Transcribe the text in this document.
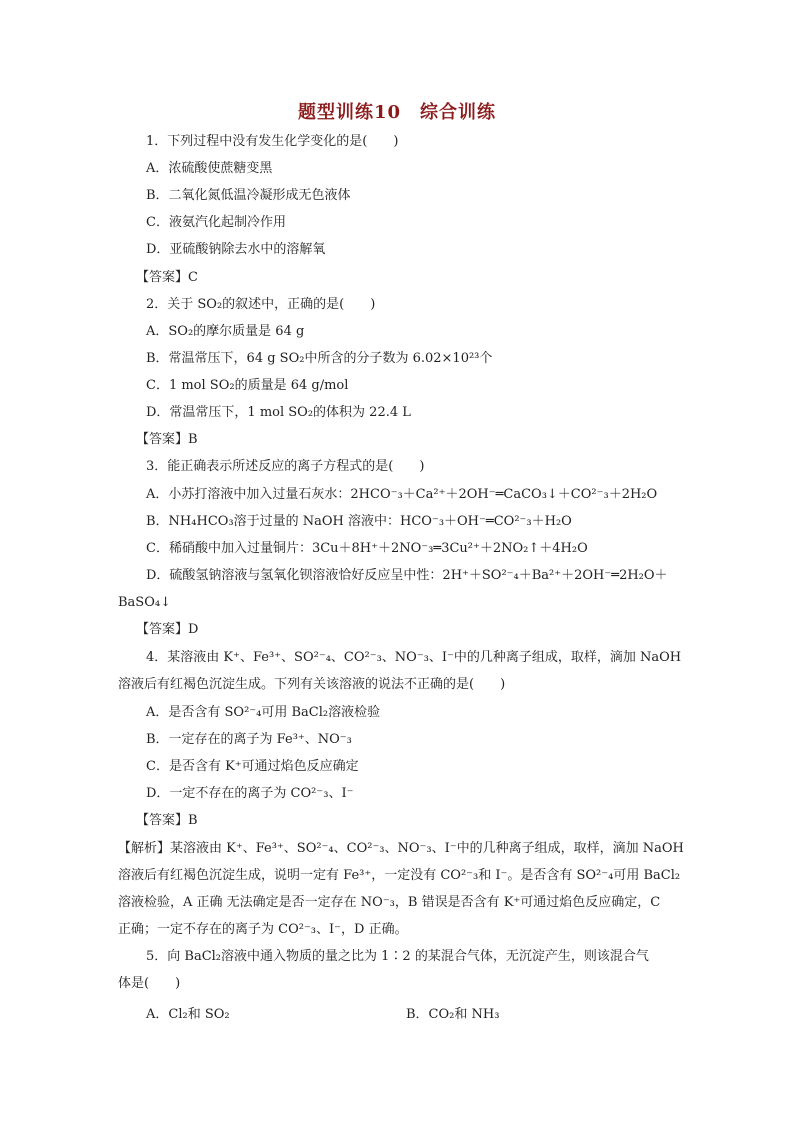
题型训练10　综合训练
1．下列过程中没有发生化学变化的是(　　)
A．浓硫酸使蔗糖变黑
B．二氧化氮低温冷凝形成无色液体
C．液氨汽化起制冷作用
D．亚硫酸钠除去水中的溶解氧
【答案】C
2．关于 SO₂的叙述中，正确的是(　　)
A．SO₂的摩尔质量是 64 g
B．常温常压下，64 g SO₂中所含的分子数为 6.02×10²³个
C．1 mol SO₂的质量是 64 g/mol
D．常温常压下，1 mol SO₂的体积为 22.4 L
【答案】B
3．能正确表示所述反应的离子方程式的是(　　)
A．小苏打溶液中加入过量石灰水：2HCO⁻₃＋Ca²⁺＋2OH⁻═CaCO₃↓＋CO²⁻₃＋2H₂O
B．NH₄HCO₃溶于过量的 NaOH 溶液中：HCO⁻₃＋OH⁻═CO²⁻₃＋H₂O
C．稀硝酸中加入过量铜片：3Cu＋8H⁺＋2NO⁻₃═3Cu²⁺＋2NO₂↑＋4H₂O
D．硫酸氢钠溶液与氢氧化钡溶液恰好反应呈中性：2H⁺＋SO²⁻₄＋Ba²⁺＋2OH⁻═2H₂O＋
BaSO₄↓
【答案】D
4．某溶液由 K⁺、Fe³⁺、SO²⁻₄、CO²⁻₃、NO⁻₃、I⁻中的几种离子组成，取样，滴加 NaOH
溶液后有红褐色沉淀生成。下列有关该溶液的说法不正确的是(　　)
A．是否含有 SO²⁻₄可用 BaCl₂溶液检验
B．一定存在的离子为 Fe³⁺、NO⁻₃
C．是否含有 K⁺可通过焰色反应确定
D．一定不存在的离子为 CO²⁻₃、I⁻
【答案】B
【解析】某溶液由 K⁺、Fe³⁺、SO²⁻₄、CO²⁻₃、NO⁻₃、I⁻中的几种离子组成，取样，滴加 NaOH
溶液后有红褐色沉淀生成，说明一定有 Fe³⁺，一定没有 CO²⁻₃和 I⁻。是否含有 SO²⁻₄可用 BaCl₂
溶液检验，A 正确 无法确定是否一定存在 NO⁻₃，B 错误是否含有 K⁺可通过焰色反应确定，C
正确；一定不存在的离子为 CO²⁻₃、I⁻，D 正确。
5．向 BaCl₂溶液中通入物质的量之比为 1∶2 的某混合气体，无沉淀产生，则该混合气
体是(　　)
A．Cl₂和 SO₂	B．CO₂和 NH₃
